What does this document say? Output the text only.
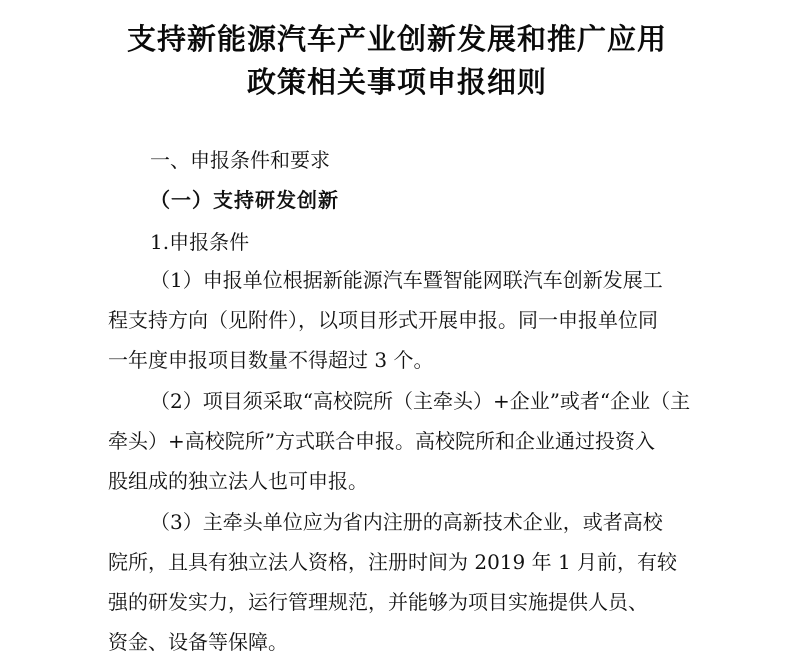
支持新能源汽车产业创新发展和推广应用
政策相关事项申报细则
一、申报条件和要求
（一）支持研发创新
1.申报条件
（1）申报单位根据新能源汽车暨智能网联汽车创新发展工
程支持方向（见附件），以项目形式开展申报。同一申报单位同
一年度申报项目数量不得超过 3 个。
（2）项目须采取“高校院所（主牵头）+企业”或者“企业（主
牵头）+高校院所”方式联合申报。高校院所和企业通过投资入
股组成的独立法人也可申报。
（3）主牵头单位应为省内注册的高新技术企业，或者高校
院所，且具有独立法人资格，注册时间为 2019 年 1 月前，有较
强的研发实力，运行管理规范，并能够为项目实施提供人员、
资金、设备等保障。
